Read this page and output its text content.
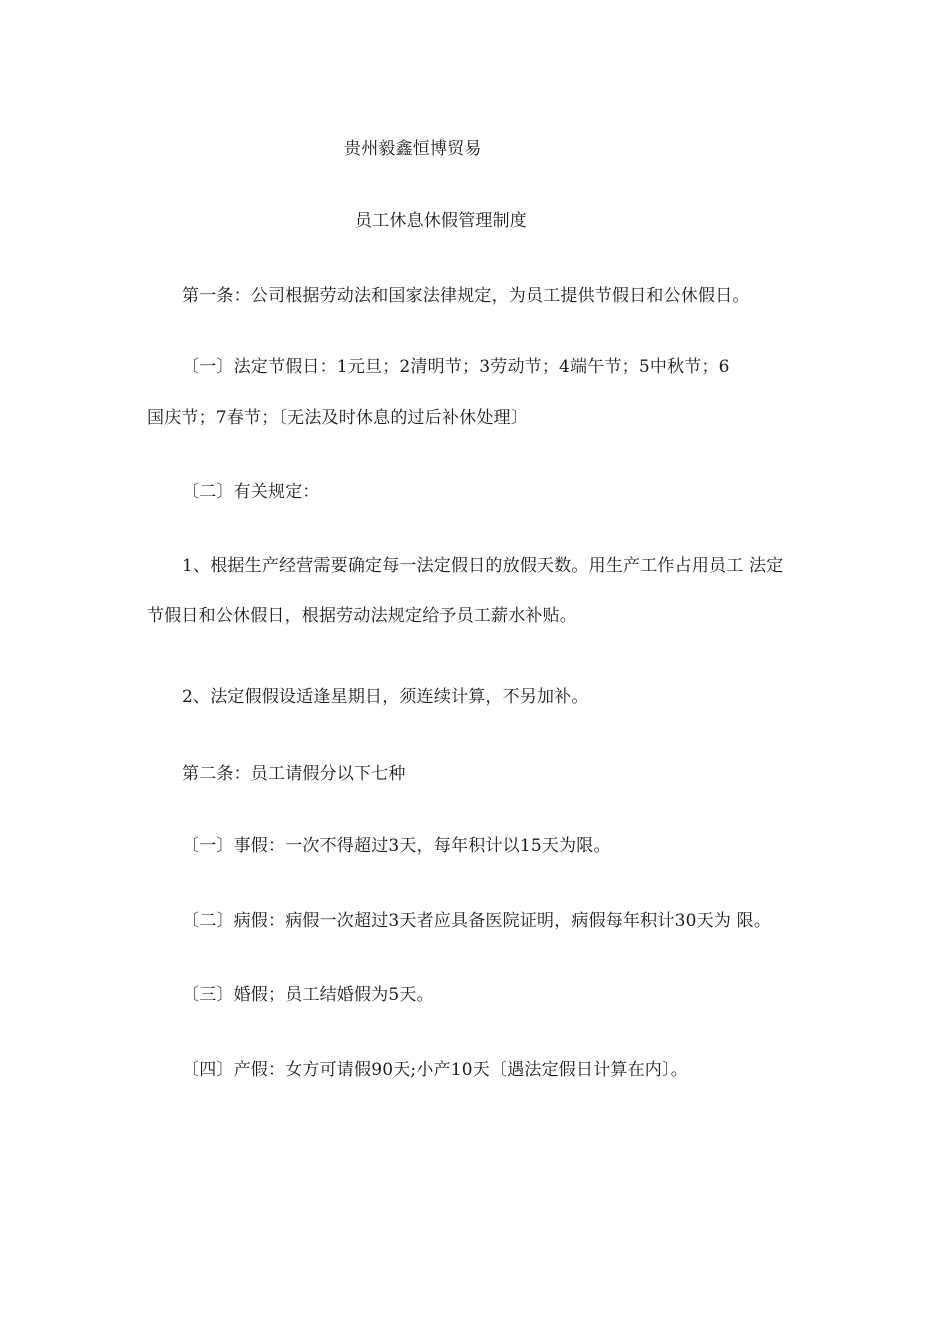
贵州毅鑫恒博贸易
员工休息休假管理制度
第一条：公司根据劳动法和国家法律规定，为员工提供节假日和公休假日。
〔一〕法定节假日：1元旦；2清明节；3劳动节；4端午节；5中秋节；6
国庆节；7春节；〔无法及时休息的过后补休处理〕
〔二〕有关规定：
1、根据生产经营需要确定每一法定假日的放假天数。用生产工作占用员工 法定
节假日和公休假日，根据劳动法规定给予员工薪水补贴。
2、法定假假设适逢星期日，须连续计算，不另加补。
第二条：员工请假分以下七种
〔一〕事假：一次不得超过3天，每年积计以15天为限。
〔二〕病假：病假一次超过3天者应具备医院证明，病假每年积计30天为 限。
〔三〕婚假；员工结婚假为5天。
〔四〕产假：女方可请假90天;小产10天〔遇法定假日计算在内〕。
